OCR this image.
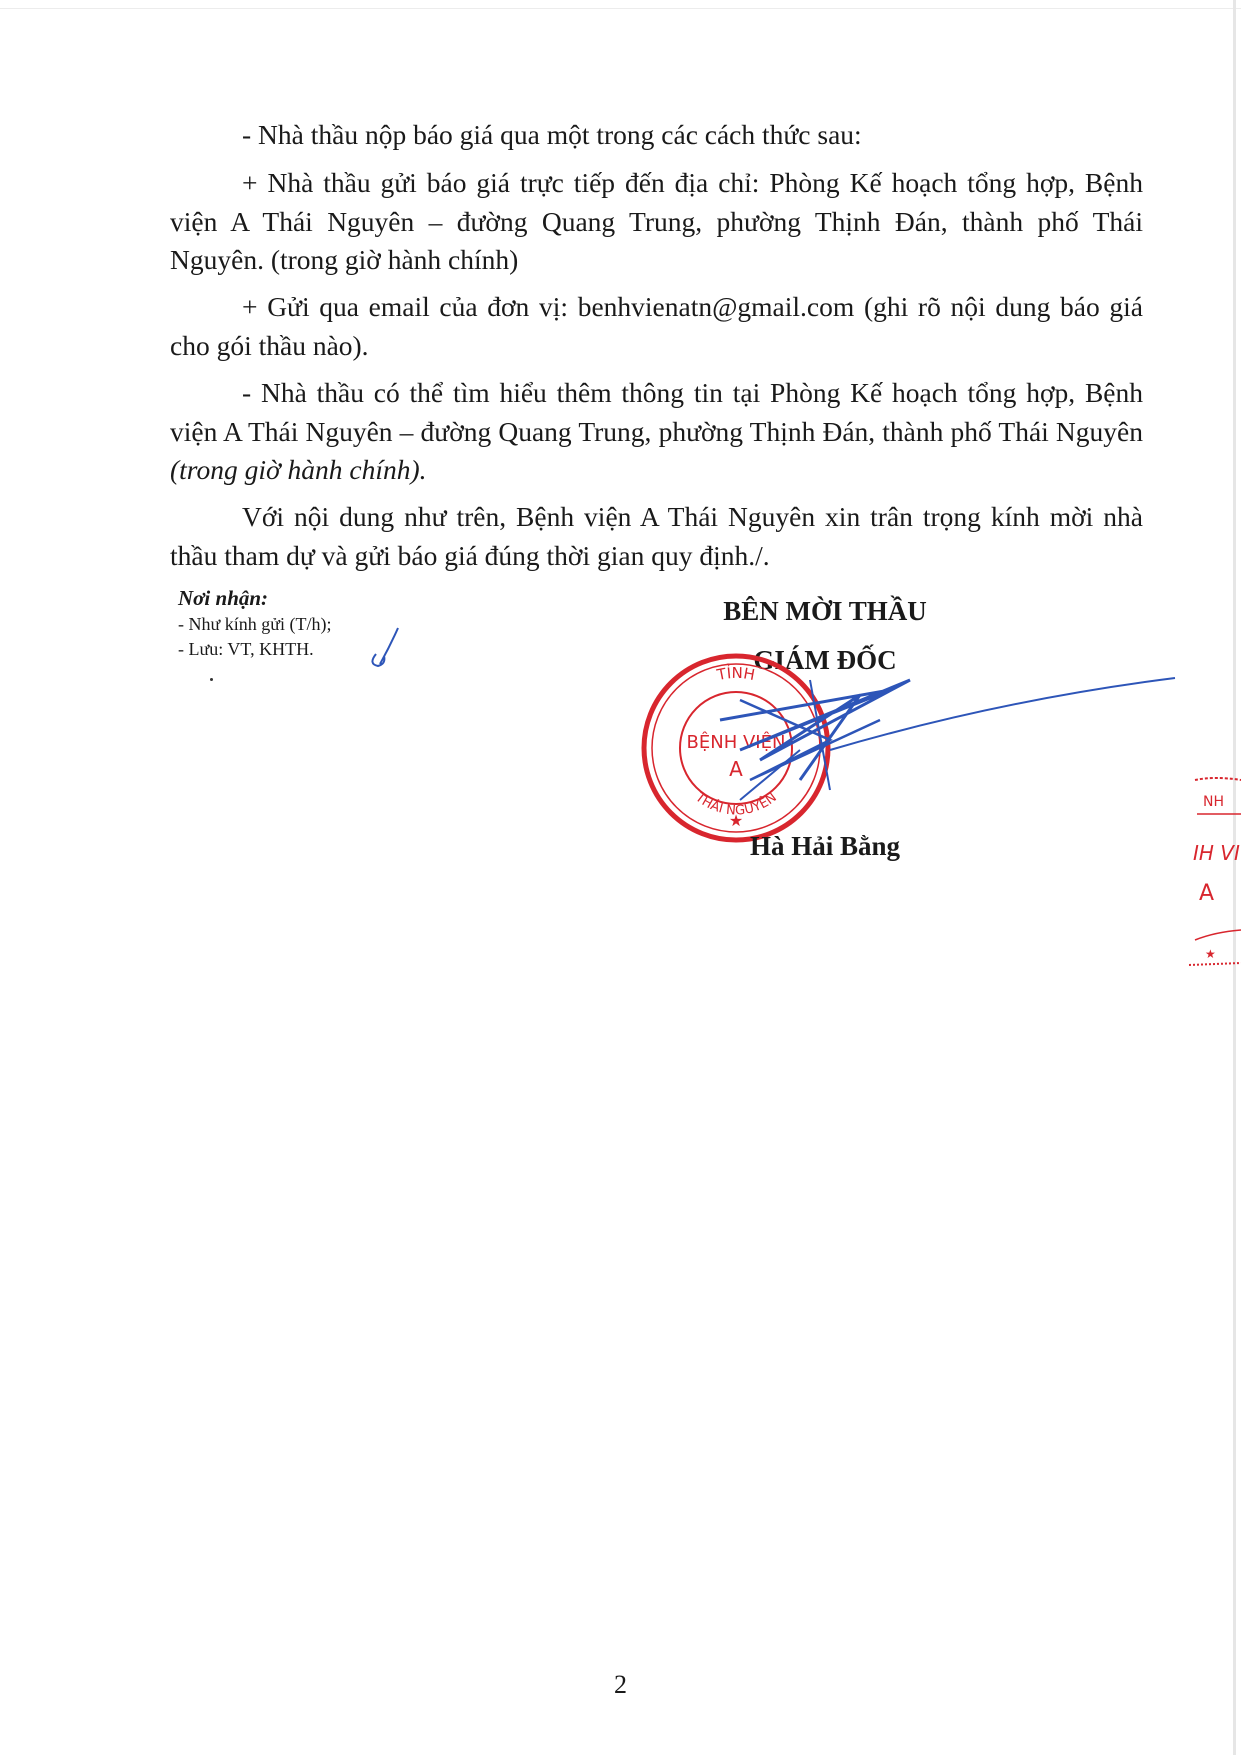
- Nhà thầu nộp báo giá qua một trong các cách thức sau:

+ Nhà thầu gửi báo giá trực tiếp đến địa chỉ: Phòng Kế hoạch tổng hợp, Bệnh viện A Thái Nguyên – đường Quang Trung, phường Thịnh Đán, thành phố Thái Nguyên. (trong giờ hành chính)

+ Gửi qua email của đơn vị: benhvienatn@gmail.com (ghi rõ nội dung báo giá cho gói thầu nào).

- Nhà thầu có thể tìm hiểu thêm thông tin tại Phòng Kế hoạch tổng hợp, Bệnh viện A Thái Nguyên – đường Quang Trung, phường Thịnh Đán, thành phố Thái Nguyên (trong giờ hành chính).

Với nội dung như trên, Bệnh viện A Thái Nguyên xin trân trọng kính mời nhà thầu tham dự và gửi báo giá đúng thời gian quy định./.

Nơi nhận:
- Như kính gửi (T/h);
- Lưu: VT, KHTH.
BÊN MỜI THẦU
GIÁM ĐỐC
TỈNH
BỆNH VIỆN
A
THÁI NGUYÊN
★
Hà Hải Bằng
NH
IH VI
A
★
2
